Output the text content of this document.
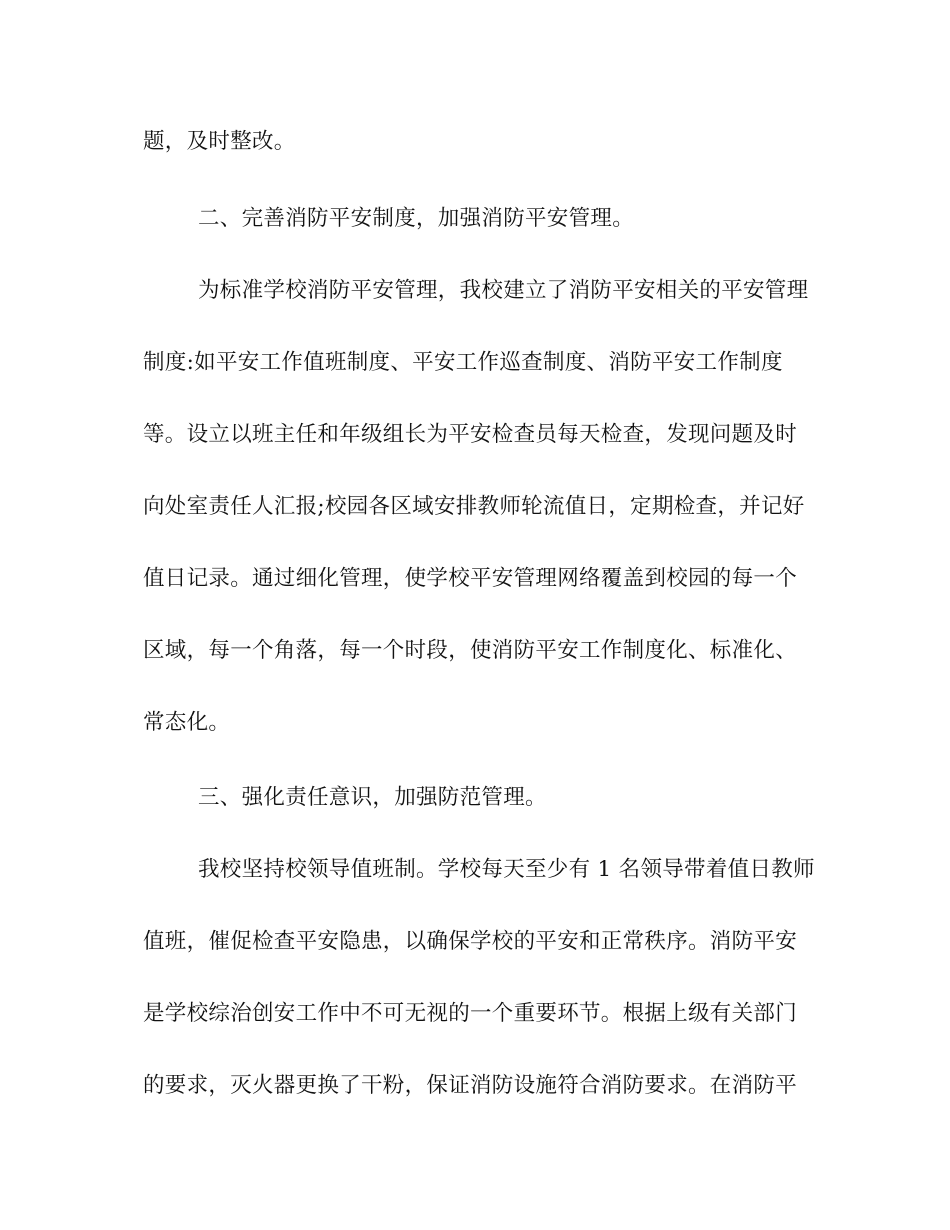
题，及时整改。
二、完善消防平安制度，加强消防平安管理。
为标准学校消防平安管理，我校建立了消防平安相关的平安管理
制度:如平安工作值班制度、平安工作巡查制度、消防平安工作制度
等。设立以班主任和年级组长为平安检查员每天检查，发现问题及时
向处室责任人汇报;校园各区域安排教师轮流值日，定期检查，并记好
值日记录。通过细化管理，使学校平安管理网络覆盖到校园的每一个
区域，每一个角落，每一个时段，使消防平安工作制度化、标准化、
常态化。
三、强化责任意识，加强防范管理。
我校坚持校领导值班制。学校每天至少有 1 名领导带着值日教师
值班，催促检查平安隐患，以确保学校的平安和正常秩序。消防平安
是学校综治创安工作中不可无视的一个重要环节。根据上级有关部门
的要求，灭火器更换了干粉，保证消防设施符合消防要求。在消防平
